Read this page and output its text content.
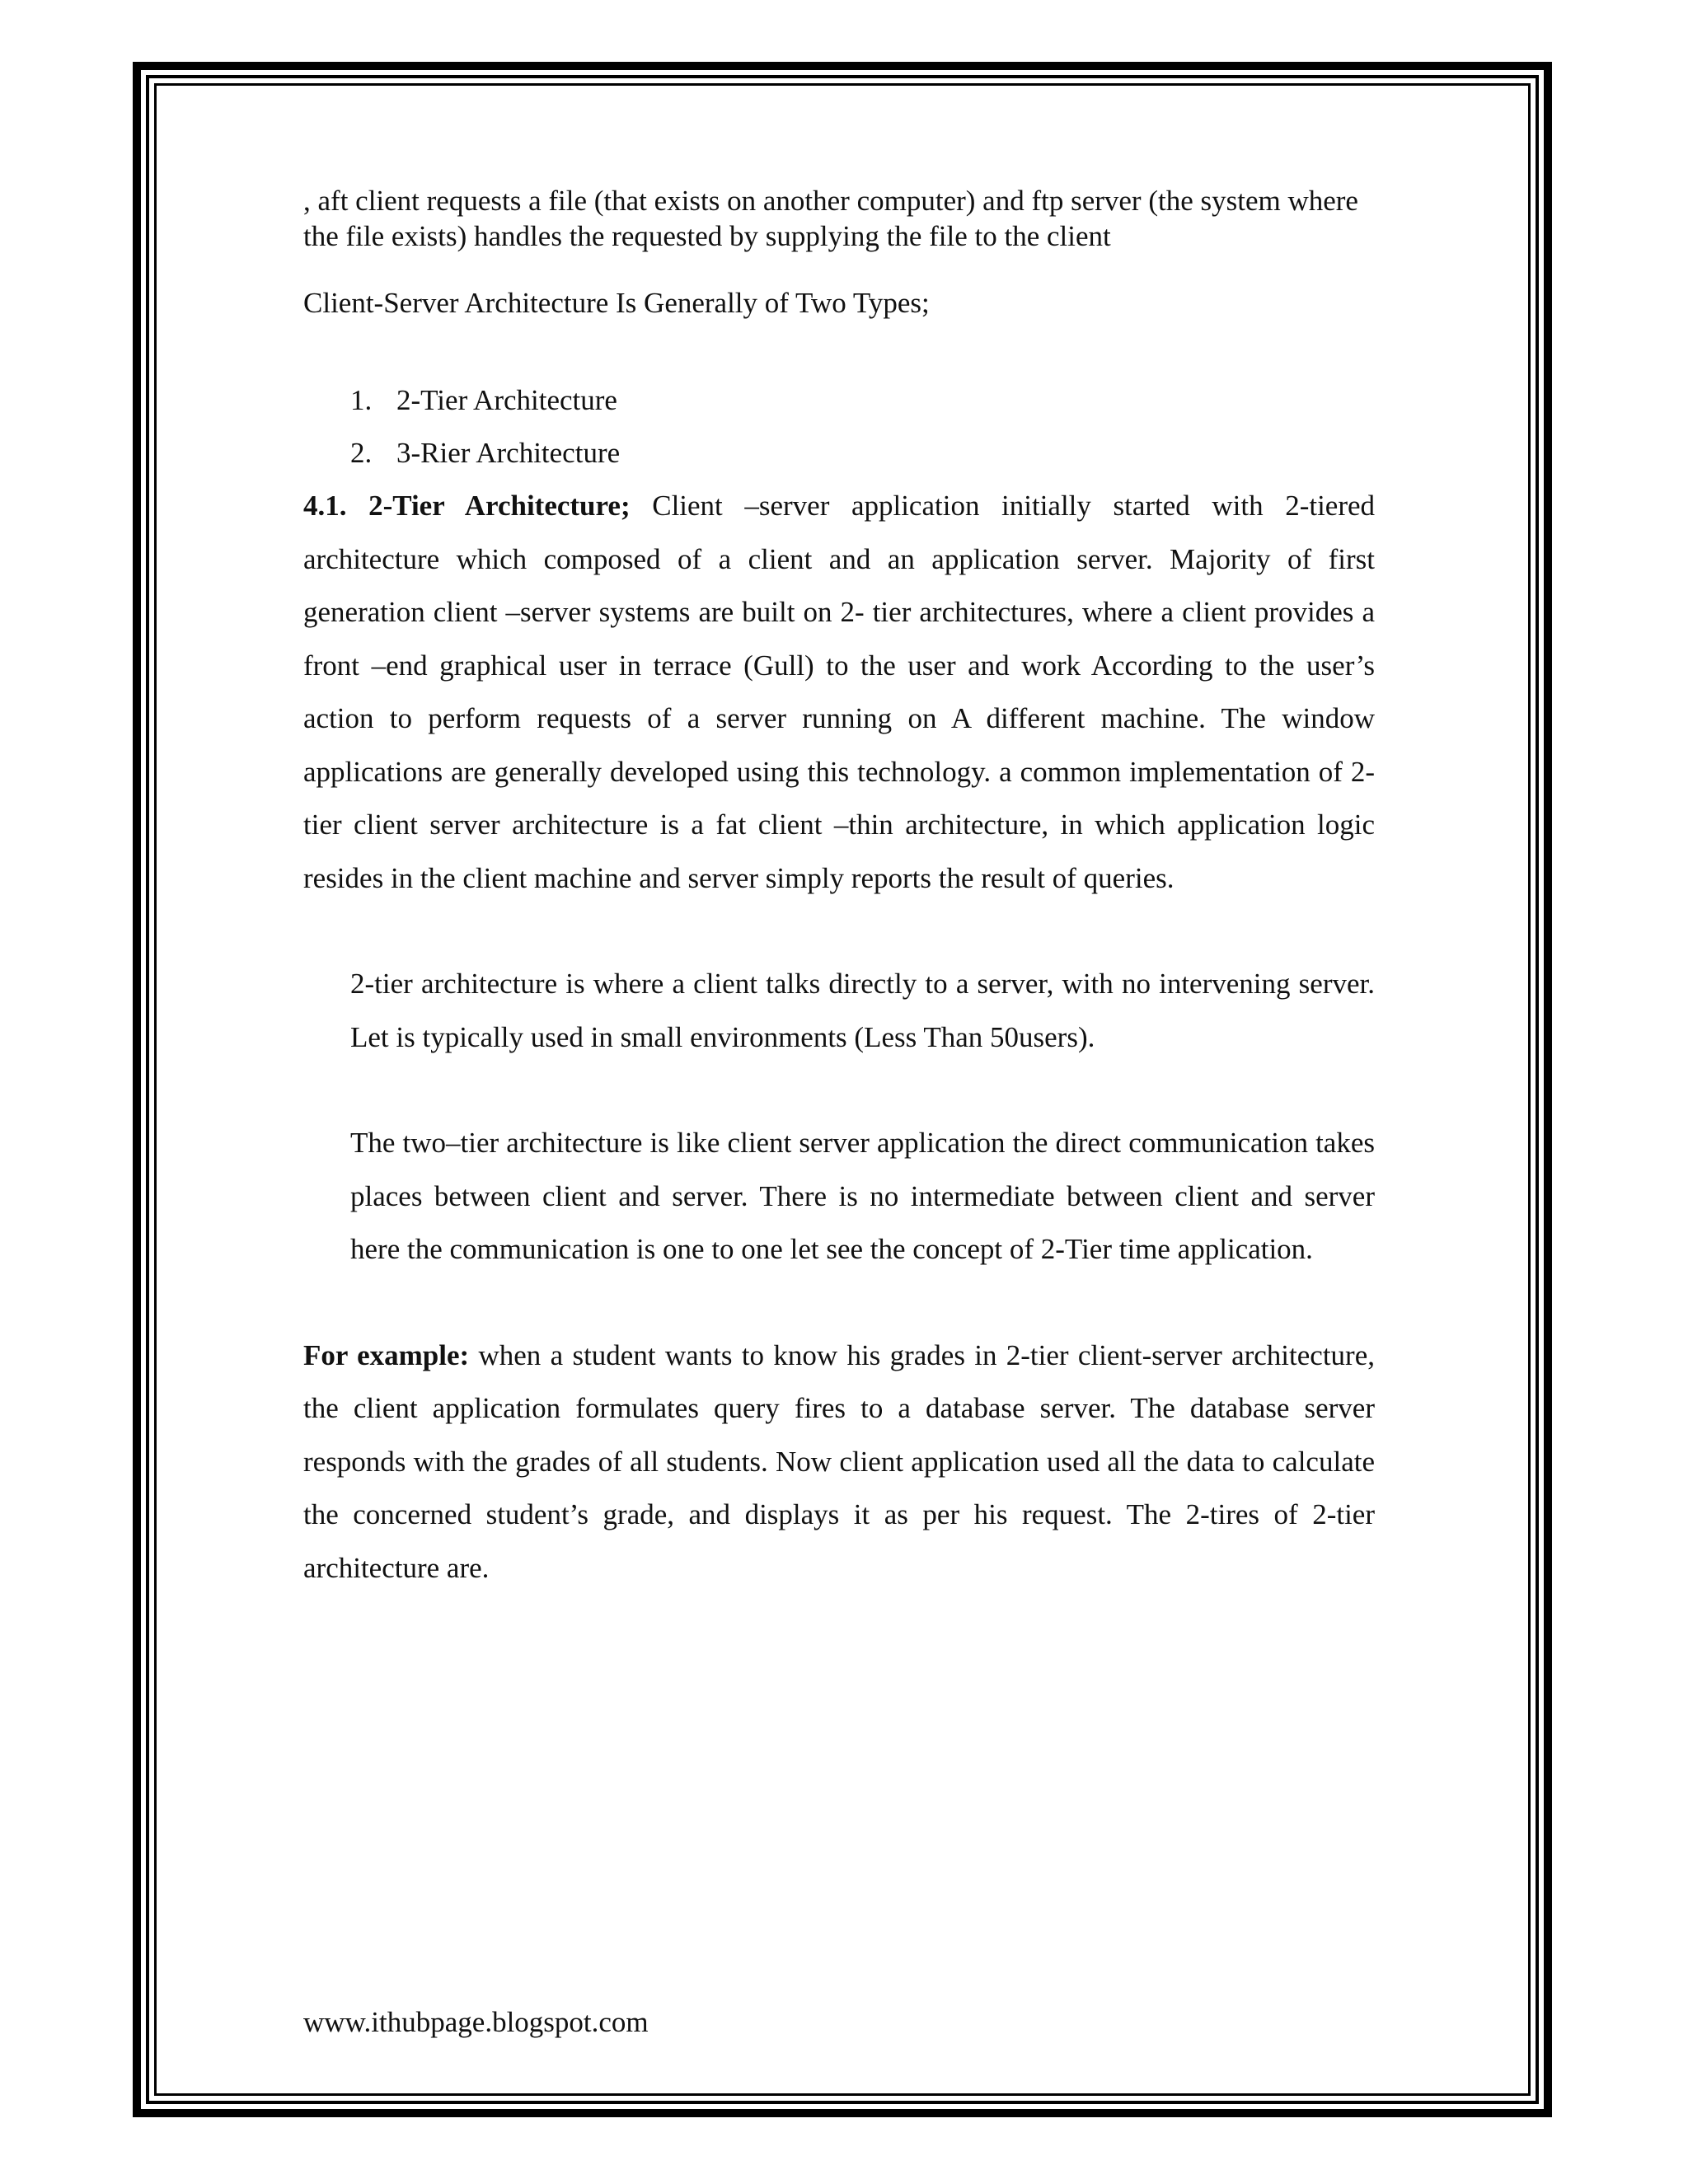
, aft client requests a file (that exists on another computer) and ftp server (the system where the file exists) handles the requested by supplying the file to the client

Client-Server Architecture Is Generally of Two Types;

1. 2-Tier Architecture
2. 3-Rier Architecture

4.1. 2-Tier Architecture; Client –server application initially started with 2-tiered architecture which composed of a client and an application server. Majority of first generation client –server systems are built on 2- tier architectures, where a client provides a front –end graphical user in terrace (Gull) to the user and work According to the user’s action to perform requests of a server running on A different machine. The window applications are generally developed using this technology. a common implementation of 2- tier client server architecture is a fat client –thin architecture, in which application logic resides in the client machine and server simply reports the result of queries.

2-tier architecture is where a client talks directly to a server, with no intervening server. Let is typically used in small environments (Less Than 50users).

The two–tier architecture is like client server application the direct communication takes places between client and server. There is no intermediate between client and server here the communication is one to one let see the concept of 2-Tier time application.

For example: when a student wants to know his grades in 2-tier client-server architecture, the client application formulates query fires to a database server. The database server responds with the grades of all students. Now client application used all the data to calculate the concerned student’s grade, and displays it as per his request. The 2-tires of 2-tier architecture are.

www.ithubpage.blogspot.com
